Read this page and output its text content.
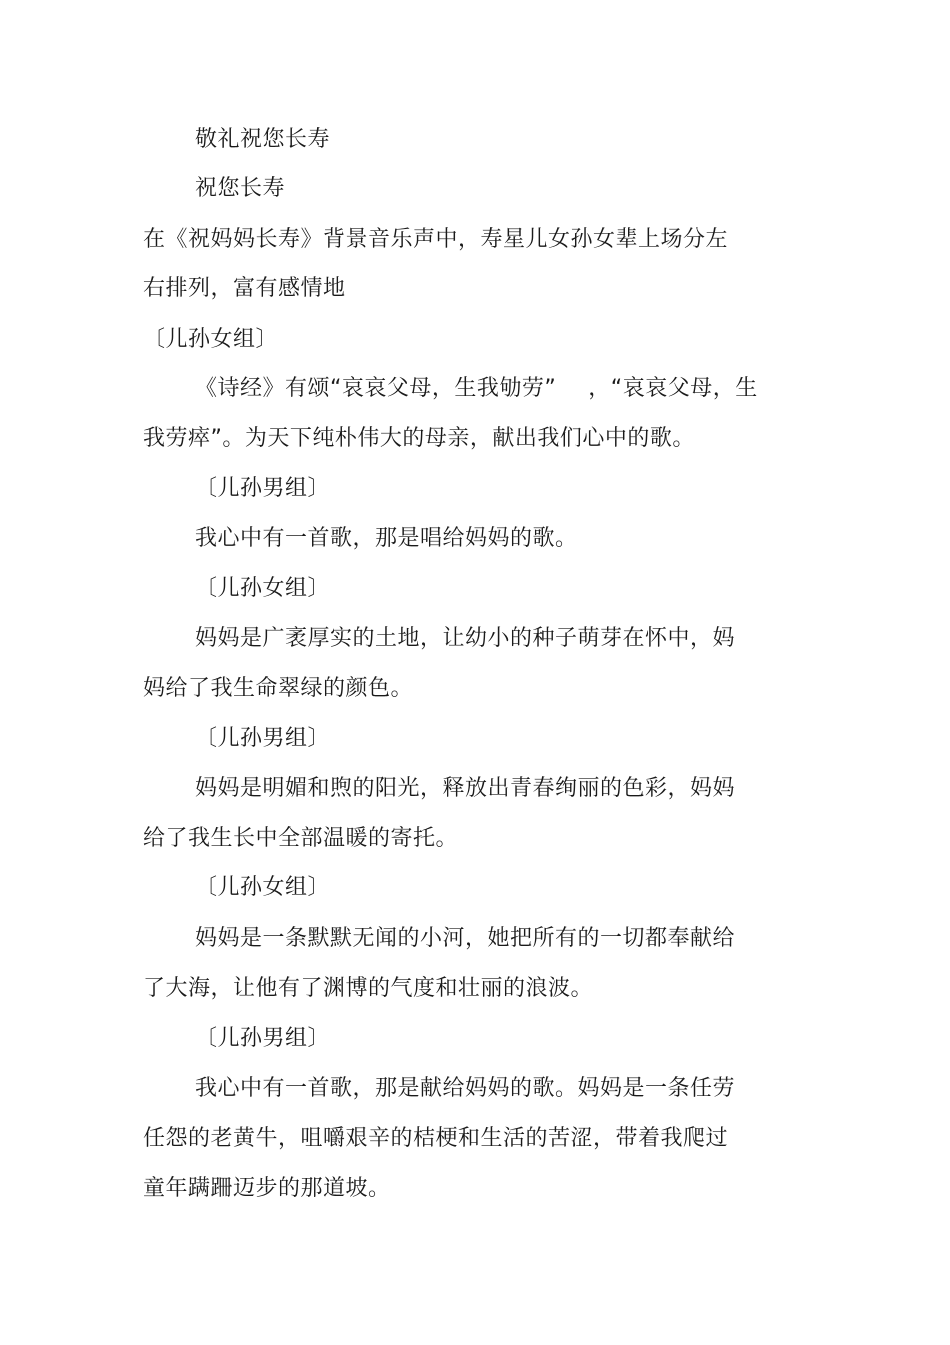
敬礼祝您长寿
祝您长寿
在《祝妈妈长寿》背景音乐声中，寿星儿女孙女辈上场分左
右排列，富有感情地
〔儿孙女组〕
《诗经》有颂“哀哀父母，生我劬劳” ，“哀哀父母，生
我劳瘁”。为天下纯朴伟大的母亲，献出我们心中的歌。
〔儿孙男组〕
我心中有一首歌，那是唱给妈妈的歌。
〔儿孙女组〕
妈妈是广袤厚实的土地，让幼小的种子萌芽在怀中，妈
妈给了我生命翠绿的颜色。
〔儿孙男组〕
妈妈是明媚和煦的阳光，释放出青春绚丽的色彩，妈妈
给了我生长中全部温暖的寄托。
〔儿孙女组〕
妈妈是一条默默无闻的小河，她把所有的一切都奉献给
了大海，让他有了渊博的气度和壮丽的浪波。
〔儿孙男组〕
我心中有一首歌，那是献给妈妈的歌。妈妈是一条任劳
任怨的老黄牛，咀嚼艰辛的桔梗和生活的苦涩，带着我爬过
童年蹒跚迈步的那道坡。
